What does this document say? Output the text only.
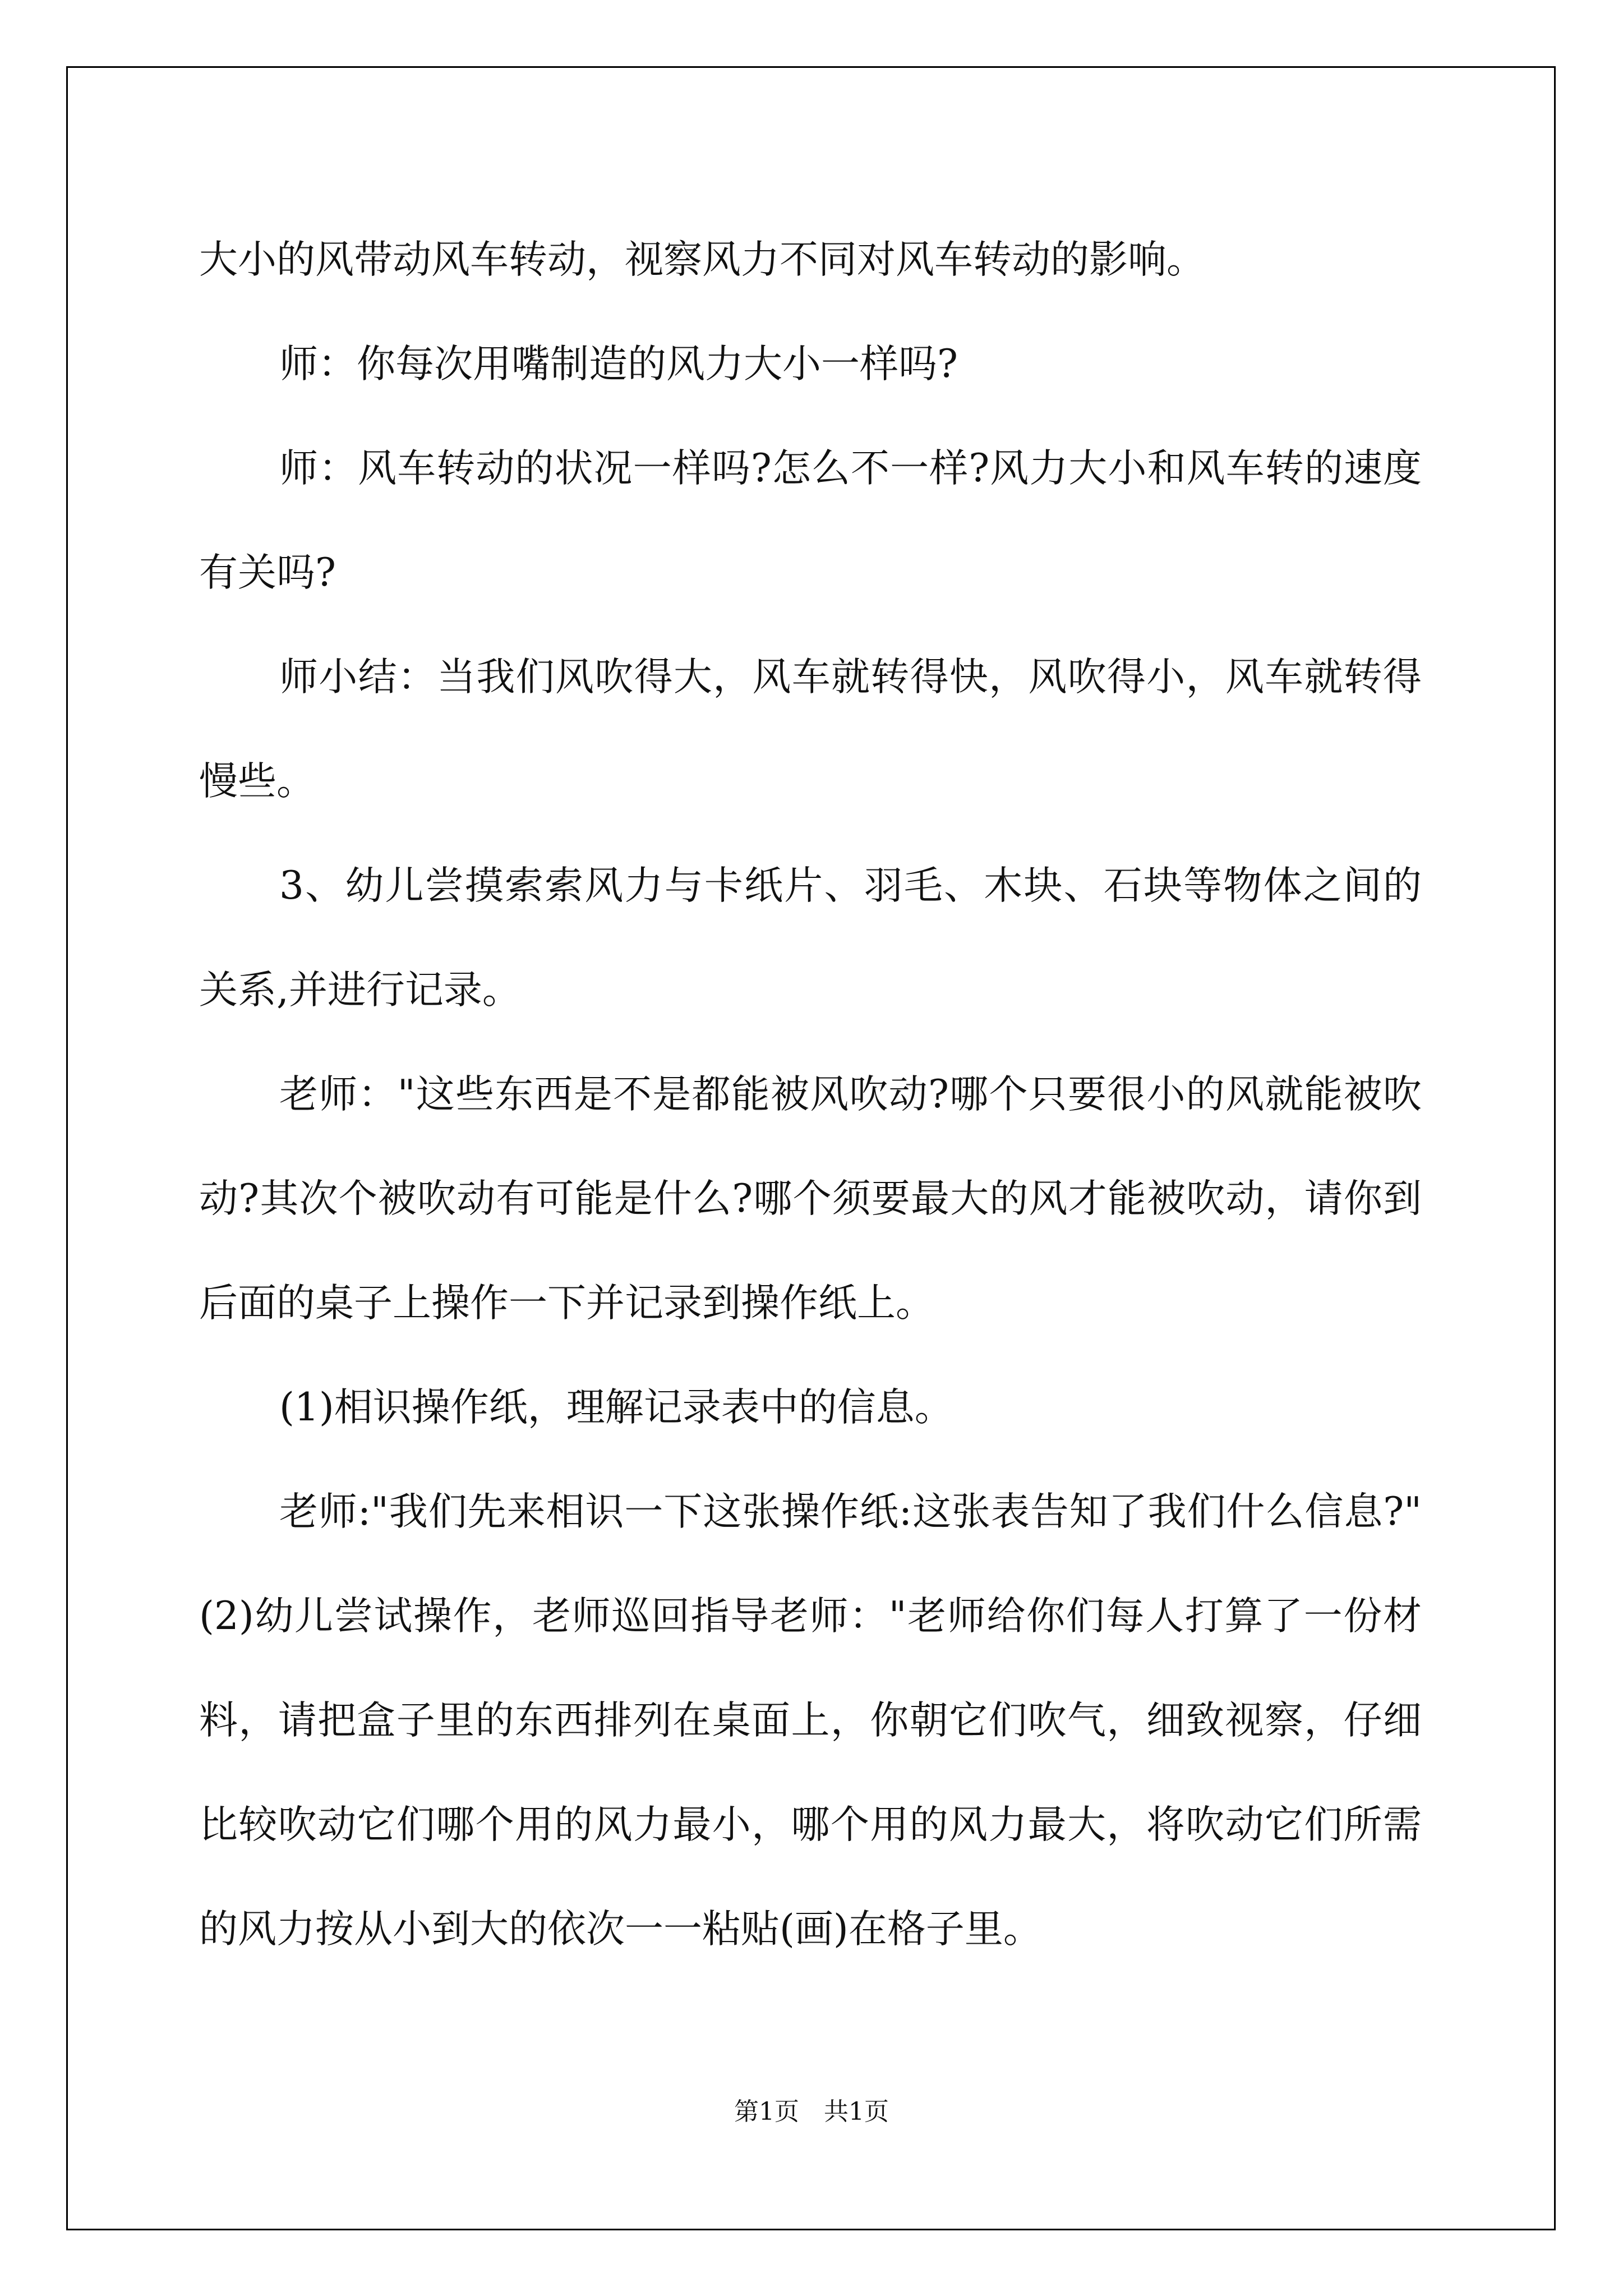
大小的风带动风车转动，视察风力不同对风车转动的影响。

师：你每次用嘴制造的风力大小一样吗?

师：风车转动的状况一样吗?怎么不一样?风力大小和风车转的速度有关吗?

师小结：当我们风吹得大，风车就转得快，风吹得小，风车就转得慢些。

3、幼儿尝摸索索风力与卡纸片、羽毛、木块、石块等物体之间的关系,并进行记录。

老师："这些东西是不是都能被风吹动?哪个只要很小的风就能被吹动?其次个被吹动有可能是什么?哪个须要最大的风才能被吹动，请你到后面的桌子上操作一下并记录到操作纸上。

(1)相识操作纸，理解记录表中的信息。

老师:"我们先来相识一下这张操作纸:这张表告知了我们什么信息?"(2)幼儿尝试操作，老师巡回指导老师："老师给你们每人打算了一份材料，请把盒子里的东西排列在桌面上，你朝它们吹气，细致视察，仔细比较吹动它们哪个用的风力最小，哪个用的风力最大，将吹动它们所需的风力按从小到大的依次一一粘贴(画)在格子里。

第1页　共1页
